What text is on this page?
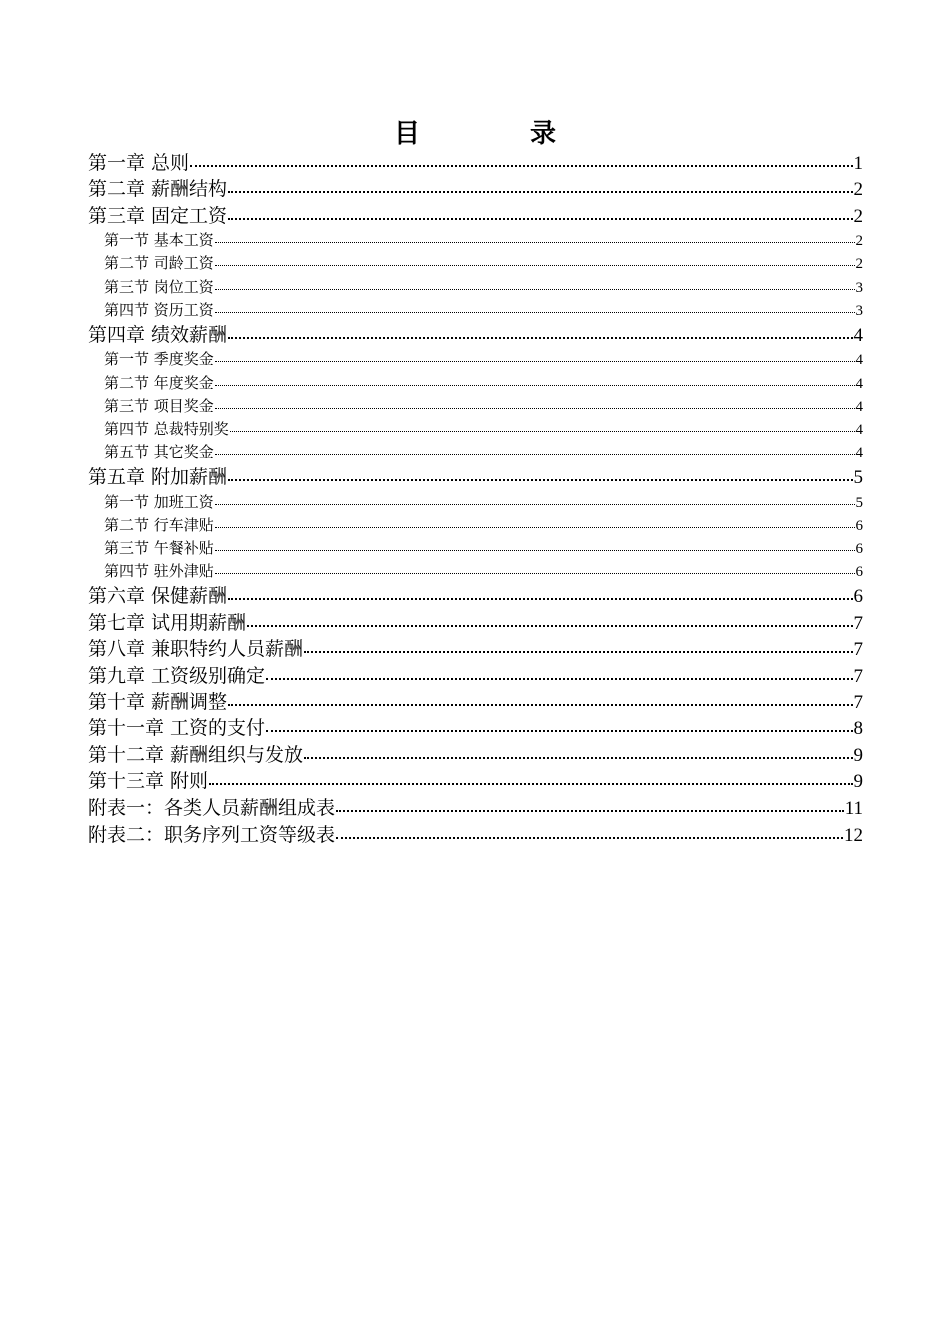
目录
第一章 总则	1
第二章 薪酬结构	2
第三章 固定工资	2
第一节 基本工资	2
第二节 司龄工资	2
第三节 岗位工资	3
第四节 资历工资	3
第四章 绩效薪酬	4
第一节 季度奖金	4
第二节 年度奖金	4
第三节 项目奖金	4
第四节 总裁特别奖	4
第五节 其它奖金	4
第五章 附加薪酬	5
第一节 加班工资	5
第二节 行车津贴	6
第三节 午餐补贴	6
第四节 驻外津贴	6
第六章 保健薪酬	6
第七章 试用期薪酬	7
第八章 兼职特约人员薪酬	7
第九章 工资级别确定	7
第十章 薪酬调整	7
第十一章 工资的支付	8
第十二章 薪酬组织与发放	9
第十三章 附则	9
附表一：各类人员薪酬组成表	11
附表二：职务序列工资等级表	12
